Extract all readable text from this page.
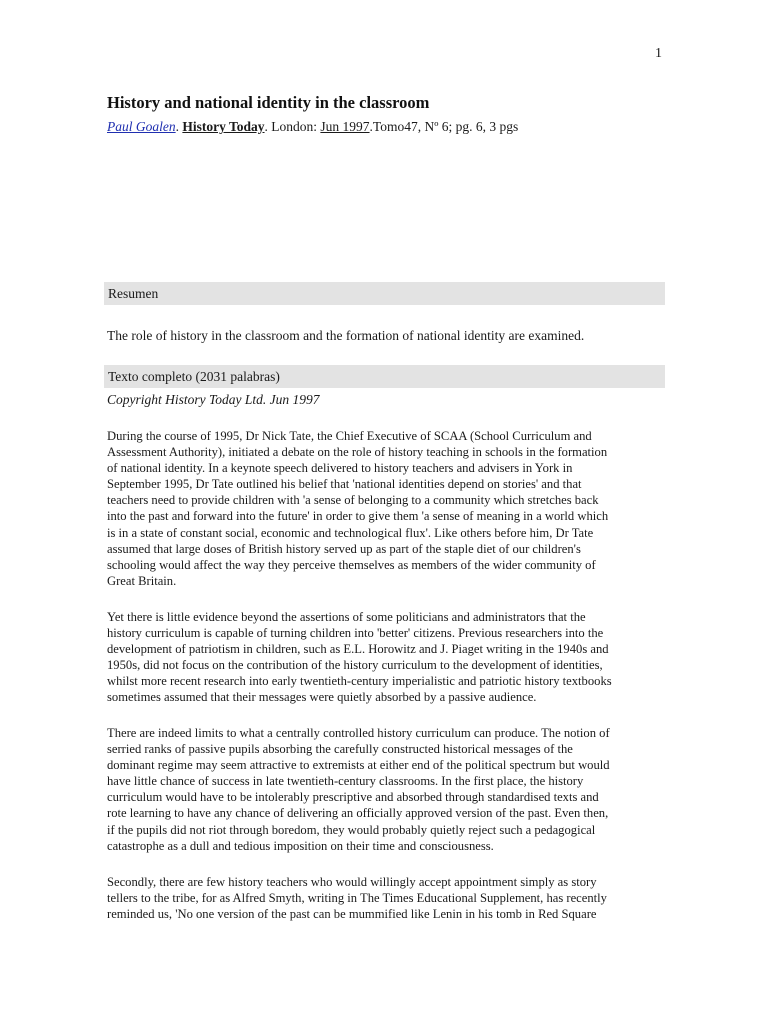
1
History and national identity in the classroom
Paul Goalen. History Today. London: Jun 1997.Tomo47, Nº 6; pg. 6, 3 pgs
Resumen
The role of history in the classroom and the formation of national identity are examined.
Texto completo (2031 palabras)
Copyright History Today Ltd. Jun 1997
During the course of 1995, Dr Nick Tate, the Chief Executive of SCAA (School Curriculum and
Assessment Authority), initiated a debate on the role of history teaching in schools in the formation
of national identity. In a keynote speech delivered to history teachers and advisers in York in
September 1995, Dr Tate outlined his belief that 'national identities depend on stories' and that
teachers need to provide children with 'a sense of belonging to a community which stretches back
into the past and forward into the future' in order to give them 'a sense of meaning in a world which
is in a state of constant social, economic and technological flux'. Like others before him, Dr Tate
assumed that large doses of British history served up as part of the staple diet of our children's
schooling would affect the way they perceive themselves as members of the wider community of
Great Britain.
Yet there is little evidence beyond the assertions of some politicians and administrators that the
history curriculum is capable of turning children into 'better' citizens. Previous researchers into the
development of patriotism in children, such as E.L. Horowitz and J. Piaget writing in the 1940s and
1950s, did not focus on the contribution of the history curriculum to the development of identities,
whilst more recent research into early twentieth-century imperialistic and patriotic history textbooks
sometimes assumed that their messages were quietly absorbed by a passive audience.
There are indeed limits to what a centrally controlled history curriculum can produce. The notion of
serried ranks of passive pupils absorbing the carefully constructed historical messages of the
dominant regime may seem attractive to extremists at either end of the political spectrum but would
have little chance of success in late twentieth-century classrooms. In the first place, the history
curriculum would have to be intolerably prescriptive and absorbed through standardised texts and
rote learning to have any chance of delivering an officially approved version of the past. Even then,
if the pupils did not riot through boredom, they would probably quietly reject such a pedagogical
catastrophe as a dull and tedious imposition on their time and consciousness.
Secondly, there are few history teachers who would willingly accept appointment simply as story
tellers to the tribe, for as Alfred Smyth, writing in The Times Educational Supplement, has recently
reminded us, 'No one version of the past can be mummified like Lenin in his tomb in Red Square
